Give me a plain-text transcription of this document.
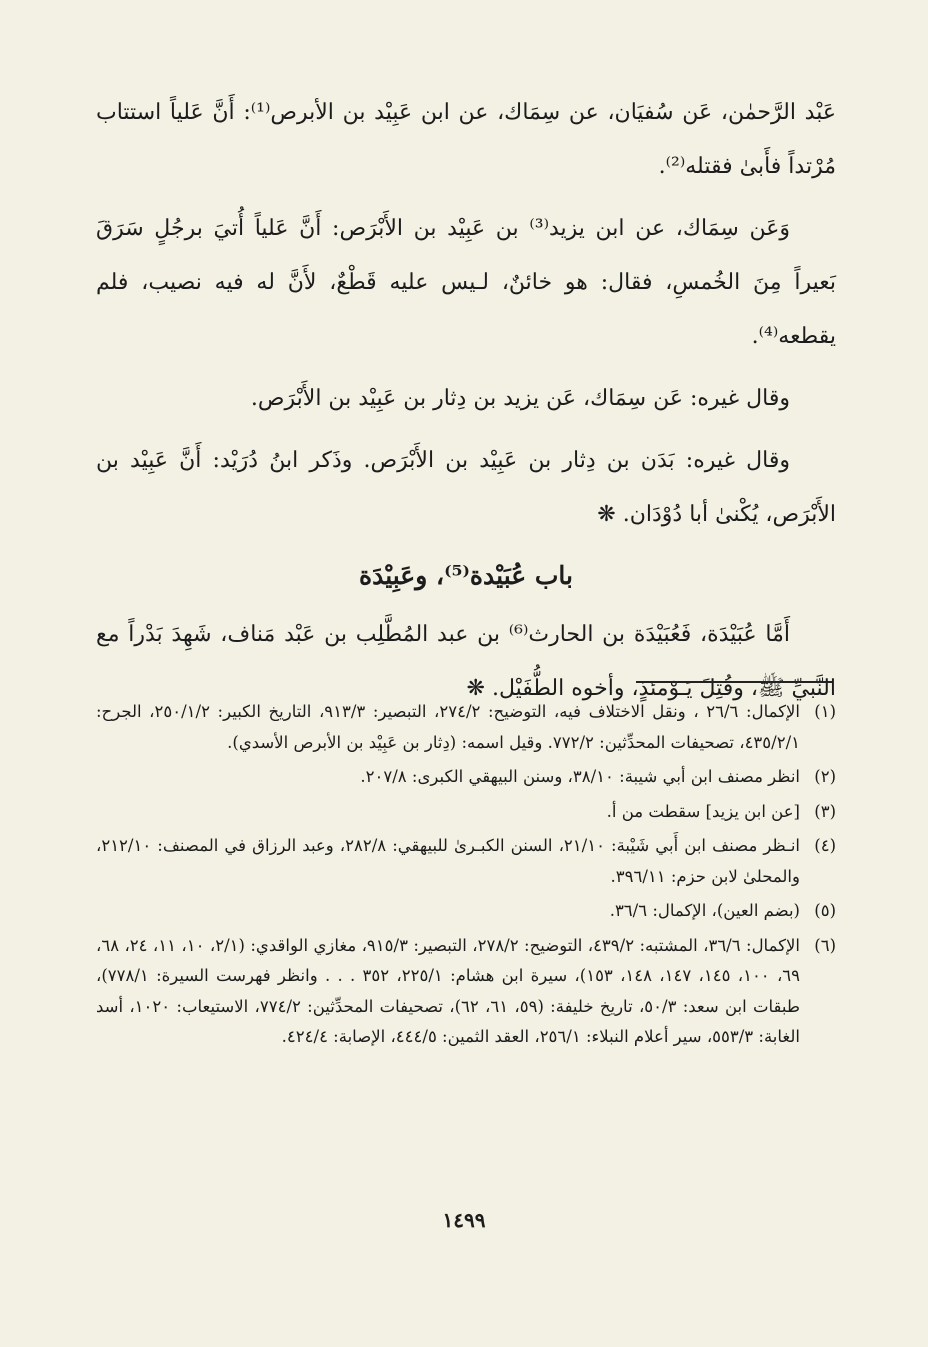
عَبْد الرَّحمٰن، عَن سُفيَان، عن سِمَاك، عن ابن عَبِيْد بن الأبرص⁽¹⁾: أَنَّ عَلياً استتاب مُرْتداً فأَبىٰ فقتله⁽²⁾.

وَعَن سِمَاك، عن ابن يزيد⁽³⁾ بن عَبِيْد بن الأَبْرَص: أَنَّ عَلياً أُتيَ برجُلٍ سَرَقَ بَعيراً مِنَ الخُمسِ، فقال: هو خائنٌ، لـيس عليه قَطْعٌ، لأَنَّ له فيه نصيب، فلم يقطعه⁽⁴⁾.

وقال غيره: عَن سِمَاك، عَن يزيد بن دِثار بن عَبِيْد بن الأَبْرَص.

وقال غيره: بَدَن بن دِثار بن عَبِيْد بن الأَبْرَص. وذَكر ابنُ دُرَيْد: أَنَّ عَبِيْد بن الأَبْرَص، يُكْنىٰ أبا دُوْدَان. ❋

باب عُبَيْدة⁽⁵⁾، وعَبِيْدَة

أَمَّا عُبَيْدَة، فَعُبَيْدَة بن الحارث⁽⁶⁾ بن عبد المُطَّلِب بن عَبْد مَناف، شَهِدَ بَدْراً مع النَّبيِّ ﷺ، وقُتِلَ يَـوْمئذٍ، وأخوه الطُّفَيْل. ❋

(١)
الإكمال: ٢٦/٦ ، ونقل الاختلاف فيه، التوضيح: ٢٧٤/٢، التبصير: ٩١٣/٣، التاريخ الكبير: ٢٥٠/١/٢، الجرح: ٤٣٥/٢/١، تصحيفات المحدِّثين: ٧٧٢/٢. وقيل اسمه: (دِثار بن عَبِيْد بن الأبرص الأسدي).
(٢)
انظر مصنف ابن أبي شيبة: ٣٨/١٠، وسنن البيهقي الكبرى: ٢٠٧/٨.
(٣)
[عن ابن يزيد] سقطت من أ.
(٤)
انـظر مصنف ابن أَبي شَيْبة: ٢١/١٠، السنن الكبـرىٰ للبيهقي: ٢٨٢/٨، وعبد الرزاق في المصنف: ٢١٢/١٠، والمحلىٰ لابن حزم: ٣٩٦/١١.
(٥)
(بضم العين)، الإكمال: ٣٦/٦.
(٦)
الإكمال: ٣٦/٦، المشتبه: ٤٣٩/٢، التوضيح: ٢٧٨/٢، التبصير: ٩١٥/٣، مغازي الواقدي: (٢/١، ١٠، ١١، ٢٤، ٦٨، ٦٩، ١٠٠، ١٤٥، ١٤٧، ١٤٨، ١٥٣)، سيرة ابن هشام: ٢٢٥/١، ٣٥٢ . . . وانظر فهرست السيرة: ٧٧٨/١)، طبقات ابن سعد: ٥٠/٣، تاريخ خليفة: (٥٩، ٦١، ٦٢)، تصحيفات المحدِّثين: ٧٧٤/٢، الاستيعاب: ١٠٢٠، أسد الغابة: ٥٥٣/٣، سير أعلام النبلاء: ٢٥٦/١، العقد الثمين: ٤٤٤/٥، الإصابة: ٤٢٤/٤.
١٤٩٩
